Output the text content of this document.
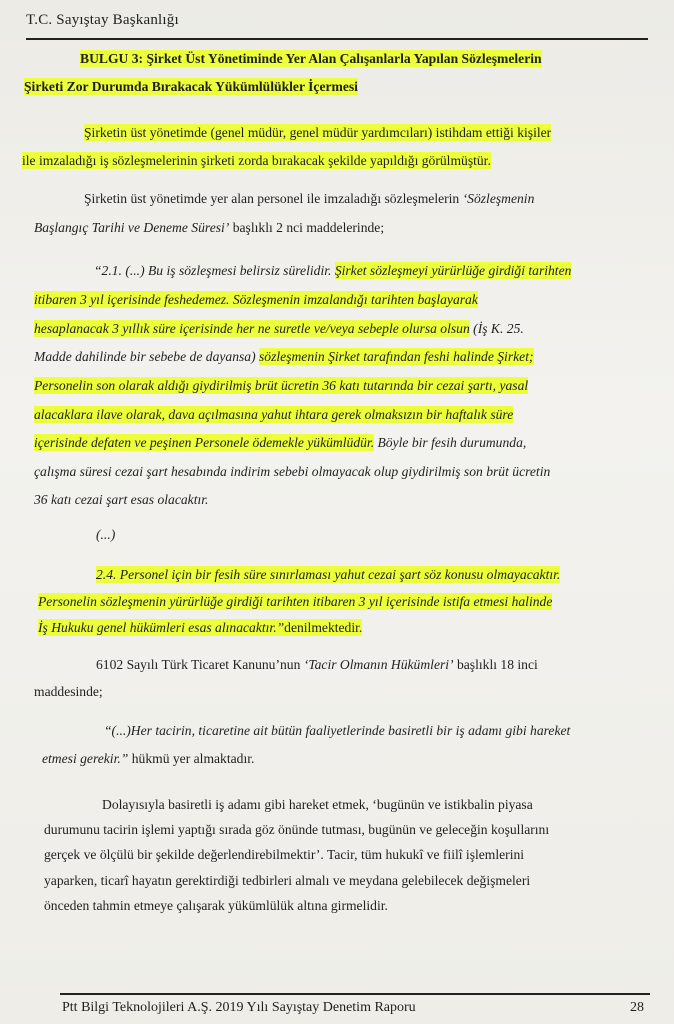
T.C. Sayıştay Başkanlığı
BULGU 3: Şirket Üst Yönetiminde Yer Alan Çalışanlarla Yapılan Sözleşmelerin
Şirketi Zor Durumda Bırakacak Yükümlülükler İçermesi
Şirketin üst yönetimde (genel müdür, genel müdür yardımcıları) istihdam ettiği kişiler
ile imzaladığı iş sözleşmelerinin şirketi zorda bırakacak şekilde yapıldığı görülmüştür.
Şirketin üst yönetimde yer alan personel ile imzaladığı sözleşmelerin ‘Sözleşmenin
Başlangıç Tarihi ve Deneme Süresi’ başlıklı 2 nci maddelerinde;
“2.1. (...) Bu iş sözleşmesi belirsiz sürelidir. Şirket sözleşmeyi yürürlüğe girdiği tarihten
itibaren 3 yıl içerisinde feshedemez. Sözleşmenin imzalandığı tarihten başlayarak
hesaplanacak 3 yıllık süre içerisinde her ne suretle ve/veya sebeple olursa olsun (İş K. 25.
Madde dahilinde bir sebebe de dayansa) sözleşmenin Şirket tarafından feshi halinde Şirket;
Personelin son olarak aldığı giydirilmiş brüt ücretin 36 katı tutarında bir cezai şartı, yasal
alacaklara ilave olarak, dava açılmasına yahut ihtara gerek olmaksızın bir haftalık süre
içerisinde defaten ve peşinen Personele ödemekle yükümlüdür. Böyle bir fesih durumunda,
çalışma süresi cezai şart hesabında indirim sebebi olmayacak olup giydirilmiş son brüt ücretin
36 katı cezai şart esas olacaktır.
(...)
2.4. Personel için bir fesih süre sınırlaması yahut cezai şart söz konusu olmayacaktır.
Personelin sözleşmenin yürürlüğe girdiği tarihten itibaren 3 yıl içerisinde istifa etmesi halinde
İş Hukuku genel hükümleri esas alınacaktır.”denilmektedir.
6102 Sayılı Türk Ticaret Kanunu’nun ‘Tacir Olmanın Hükümleri’ başlıklı 18 inci
maddesinde;
“(...)Her tacirin, ticaretine ait bütün faaliyetlerinde basiretli bir iş adamı gibi hareket
etmesi gerekir.” hükmü yer almaktadır.
Dolayısıyla basiretli iş adamı gibi hareket etmek, ‘bugünün ve istikbalin piyasa
durumunu tacirin işlemi yaptığı sırada göz önünde tutması, bugünün ve geleceğin koşullarını
gerçek ve ölçülü bir şekilde değerlendirebilmektir’. Tacir, tüm hukukî ve fiilî işlemlerini
yaparken, ticarî hayatın gerektirdiği tedbirleri almalı ve meydana gelebilecek değişmeleri
önceden tahmin etmeye çalışarak yükümlülük altına girmelidir.
Ptt Bilgi Teknolojileri A.Ş. 2019 Yılı Sayıştay Denetim Raporu	28
